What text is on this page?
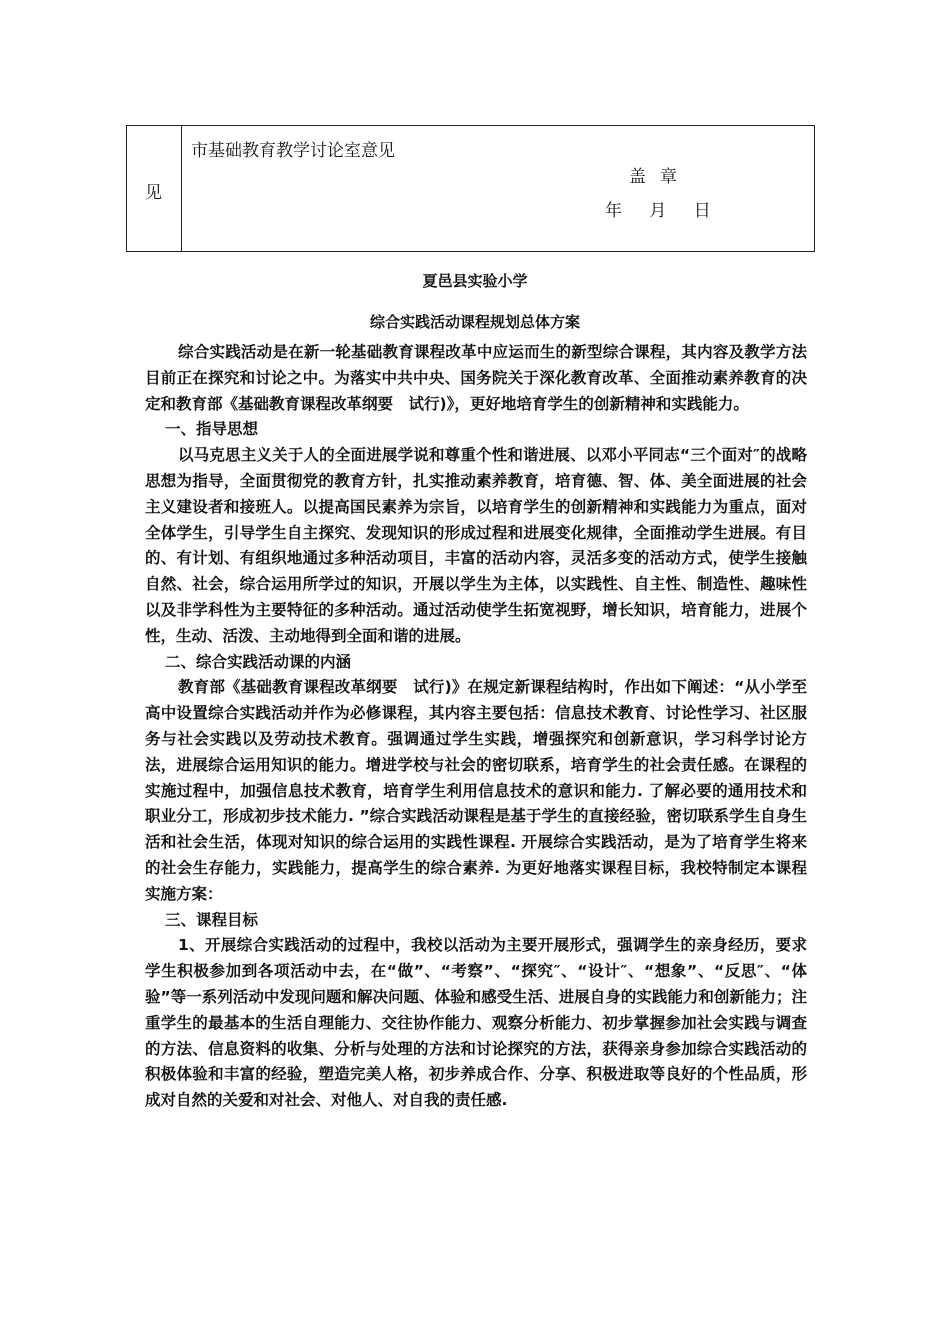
见
市基础教育教学讨论室意见
盖章
年 月 日
夏邑县实验小学
综合实践活动课程规划总体方案

综合实践活动是在新一轮基础教育课程改革中应运而生的新型综合课程，其内容及教学方法目前正在探究和讨论之中。为落实中共中央、国务院关于深化教育改革、全面推动素养教育的决定和教育部《基础教育课程改革纲要　试行)》，更好地培育学生的创新精神和实践能力。

一、指导思想

以马克思主义关于人的全面进展学说和尊重个性和谐进展、以邓小平同志“三个面对″的战略思想为指导，全面贯彻党的教育方针，扎实推动素养教育，培育德、智、体、美全面进展的社会主义建设者和接班人。以提高国民素养为宗旨，以培育学生的创新精神和实践能力为重点，面对全体学生，引导学生自主探究、发现知识的形成过程和进展变化规律，全面推动学生进展。有目的、有计划、有组织地通过多种活动项目，丰富的活动内容，灵活多变的活动方式，使学生接触自然、社会，综合运用所学过的知识，开展以学生为主体，以实践性、自主性、制造性、趣味性以及非学科性为主要特征的多种活动。通过活动使学生拓宽视野，增长知识，培育能力，进展个性，生动、活泼、主动地得到全面和谐的进展。

二、综合实践活动课的内涵

教育部《基础教育课程改革纲要　试行)》在规定新课程结构时，作出如下阐述：“从小学至高中设置综合实践活动并作为必修课程，其内容主要包括：信息技术教育、讨论性学习、社区服务与社会实践以及劳动技术教育。强调通过学生实践，增强探究和创新意识，学习科学讨论方法，进展综合运用知识的能力。增进学校与社会的密切联系，培育学生的社会责任感。在课程的实施过程中，加强信息技术教育，培育学生利用信息技术的意识和能力. 了解必要的通用技术和职业分工，形成初步技术能力. ”综合实践活动课程是基于学生的直接经验，密切联系学生自身生活和社会生活，体现对知识的综合运用的实践性课程. 开展综合实践活动，是为了培育学生将来的社会生存能力，实践能力，提高学生的综合素养. 为更好地落实课程目标，我校特制定本课程实施方案：

三、课程目标

1、开展综合实践活动的过程中，我校以活动为主要开展形式，强调学生的亲身经历，要求学生积极参加到各项活动中去，在“做”、“考察”、“探究″、“设计″、“想象”、“反思″、“体验”等一系列活动中发现问题和解决问题、体验和感受生活、进展自身的实践能力和创新能力；注重学生的最基本的生活自理能力、交往协作能力、观察分析能力、初步掌握参加社会实践与调查的方法、信息资料的收集、分析与处理的方法和讨论探究的方法，获得亲身参加综合实践活动的积极体验和丰富的经验，塑造完美人格，初步养成合作、分享、积极进取等良好的个性品质，形成对自然的关爱和对社会、对他人、对自我的责任感.
